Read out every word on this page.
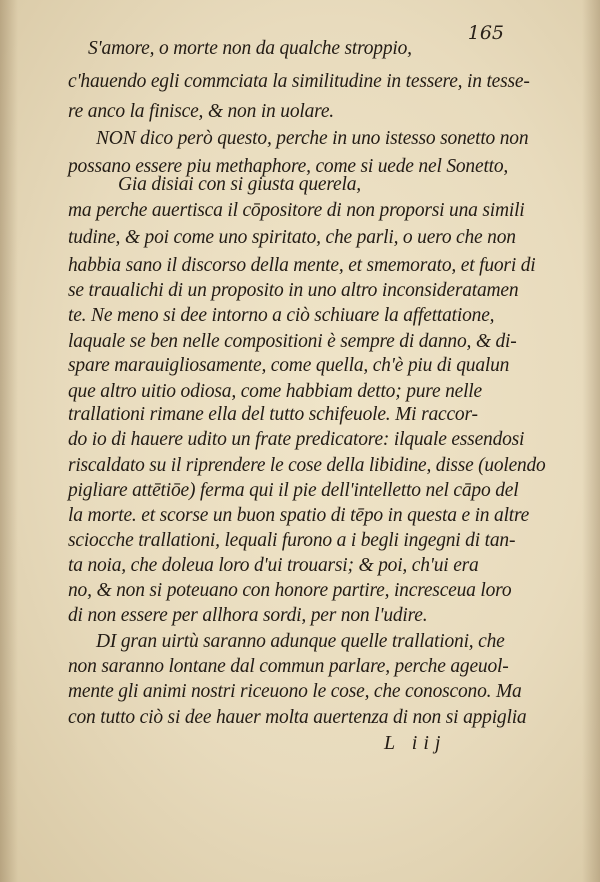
165
S'amore, o morte non da qualche stroppio,
c'hauendo egli commciata la similitudine in tessere, in tesse-
re anco la finisce, & non in uolare.
NON dico però questo, perche in uno istesso sonetto non
possano essere piu methaphore, come si uede nel Sonetto,
Gia disiai con si giusta querela,
ma perche auertisca il cōpositore di non proporsi una simili
tudine, & poi come uno spiritato, che parli, o uero che non
habbia sano il discorso della mente, et smemorato, et fuori di
se traualichi di un proposito in uno altro inconsideratamen
te. Ne meno si dee intorno a ciò schiuare la affettatione,
laquale se ben nelle compositioni è sempre di danno, & di-
spare marauigliosamente, come quella, ch'è piu di qualun
que altro uitio odiosa, come habbiam detto; pure nelle
trallationi rimane ella del tutto schifeuole. Mi raccor-
do io di hauere udito un frate predicatore: ilquale essendosi
riscaldato su il riprendere le cose della libidine, disse (uolendo
pigliare attētiōe) ferma qui il pie dell'intelletto nel cāpo del
la morte. et scorse un buon spatio di tēpo in questa e in altre
sciocche trallationi, lequali furono a i begli ingegni di tan-
ta noia, che doleua loro d'ui trouarsi; & poi, ch'ui era
no, & non si poteuano con honore partire, incresceua loro
di non essere per allhora sordi, per non l'udire.
DI gran uirtù saranno adunque quelle trallationi, che
non saranno lontane dal commun parlare, perche ageuol-
mente gli animi nostri riceuono le cose, che conoscono. Ma
con tutto ciò si dee hauer molta auertenza di non si appiglia
L iij
